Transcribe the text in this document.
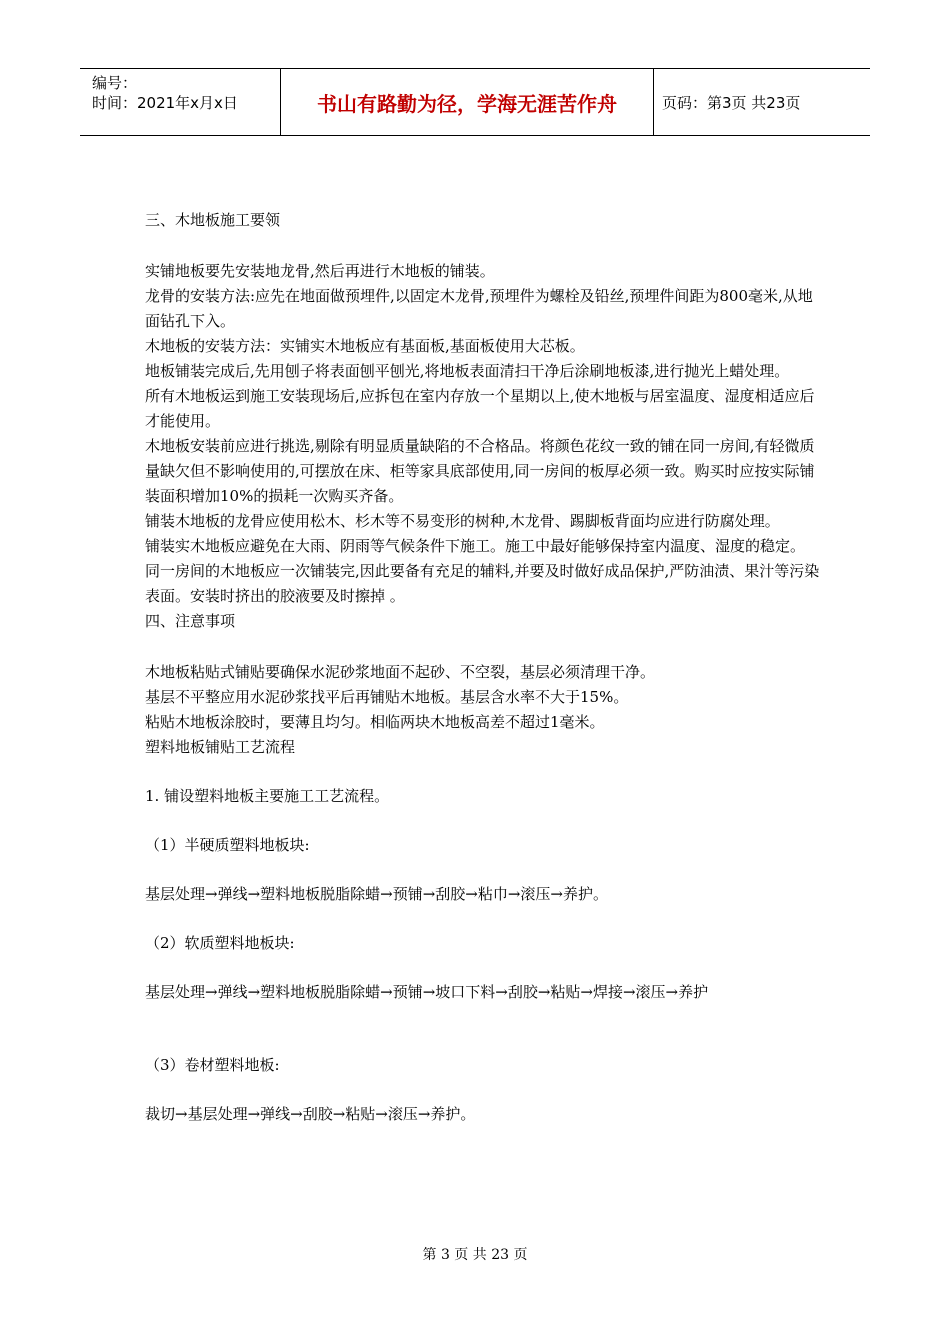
编号：
时间：2021年x月x日	书山有路勤为径，学海无涯苦作舟	页码：第3页 共23页

三、木地板施工要领

实铺地板要先安装地龙骨,然后再进行木地板的铺装。

龙骨的安装方法:应先在地面做预埋件,以固定木龙骨,预埋件为螺栓及铅丝,预埋件间距为800毫米,从地面钻孔下入。

木地板的安装方法：实铺实木地板应有基面板,基面板使用大芯板。

地板铺装完成后,先用刨子将表面刨平刨光,将地板表面清扫干净后涂刷地板漆,进行抛光上蜡处理。

所有木地板运到施工安装现场后,应拆包在室内存放一个星期以上,使木地板与居室温度、湿度相适应后才能使用。

木地板安装前应进行挑选,剔除有明显质量缺陷的不合格品。将颜色花纹一致的铺在同一房间,有轻微质量缺欠但不影响使用的,可摆放在床、柜等家具底部使用,同一房间的板厚必须一致。购买时应按实际铺装面积增加10%的损耗一次购买齐备。

铺装木地板的龙骨应使用松木、杉木等不易变形的树种,木龙骨、踢脚板背面均应进行防腐处理。

铺装实木地板应避免在大雨、阴雨等气候条件下施工。施工中最好能够保持室内温度、湿度的稳定。

同一房间的木地板应一次铺装完,因此要备有充足的辅料,并要及时做好成品保护,严防油渍、果汁等污染表面。安装时挤出的胶液要及时擦掉 。

四、注意事项

木地板粘贴式铺贴要确保水泥砂浆地面不起砂、不空裂，基层必须清理干净。

基层不平整应用水泥砂浆找平后再铺贴木地板。基层含水率不大于15%。

粘贴木地板涂胶时，要薄且均匀。相临两块木地板高差不超过1毫米。

塑料地板铺贴工艺流程

1. 铺设塑料地板主要施工工艺流程。

（1）半硬质塑料地板块:

基层处理→弹线→塑料地板脱脂除蜡→预铺→刮胶→粘巾→滚压→养护。

（2）软质塑料地板块:

基层处理→弹线→塑料地板脱脂除蜡→预铺→坡口下料→刮胶→粘贴→焊接→滚压→养护

（3）卷材塑料地板:

裁切→基层处理→弹线→刮胶→粘贴→滚压→养护。

第 3 页 共 23 页
